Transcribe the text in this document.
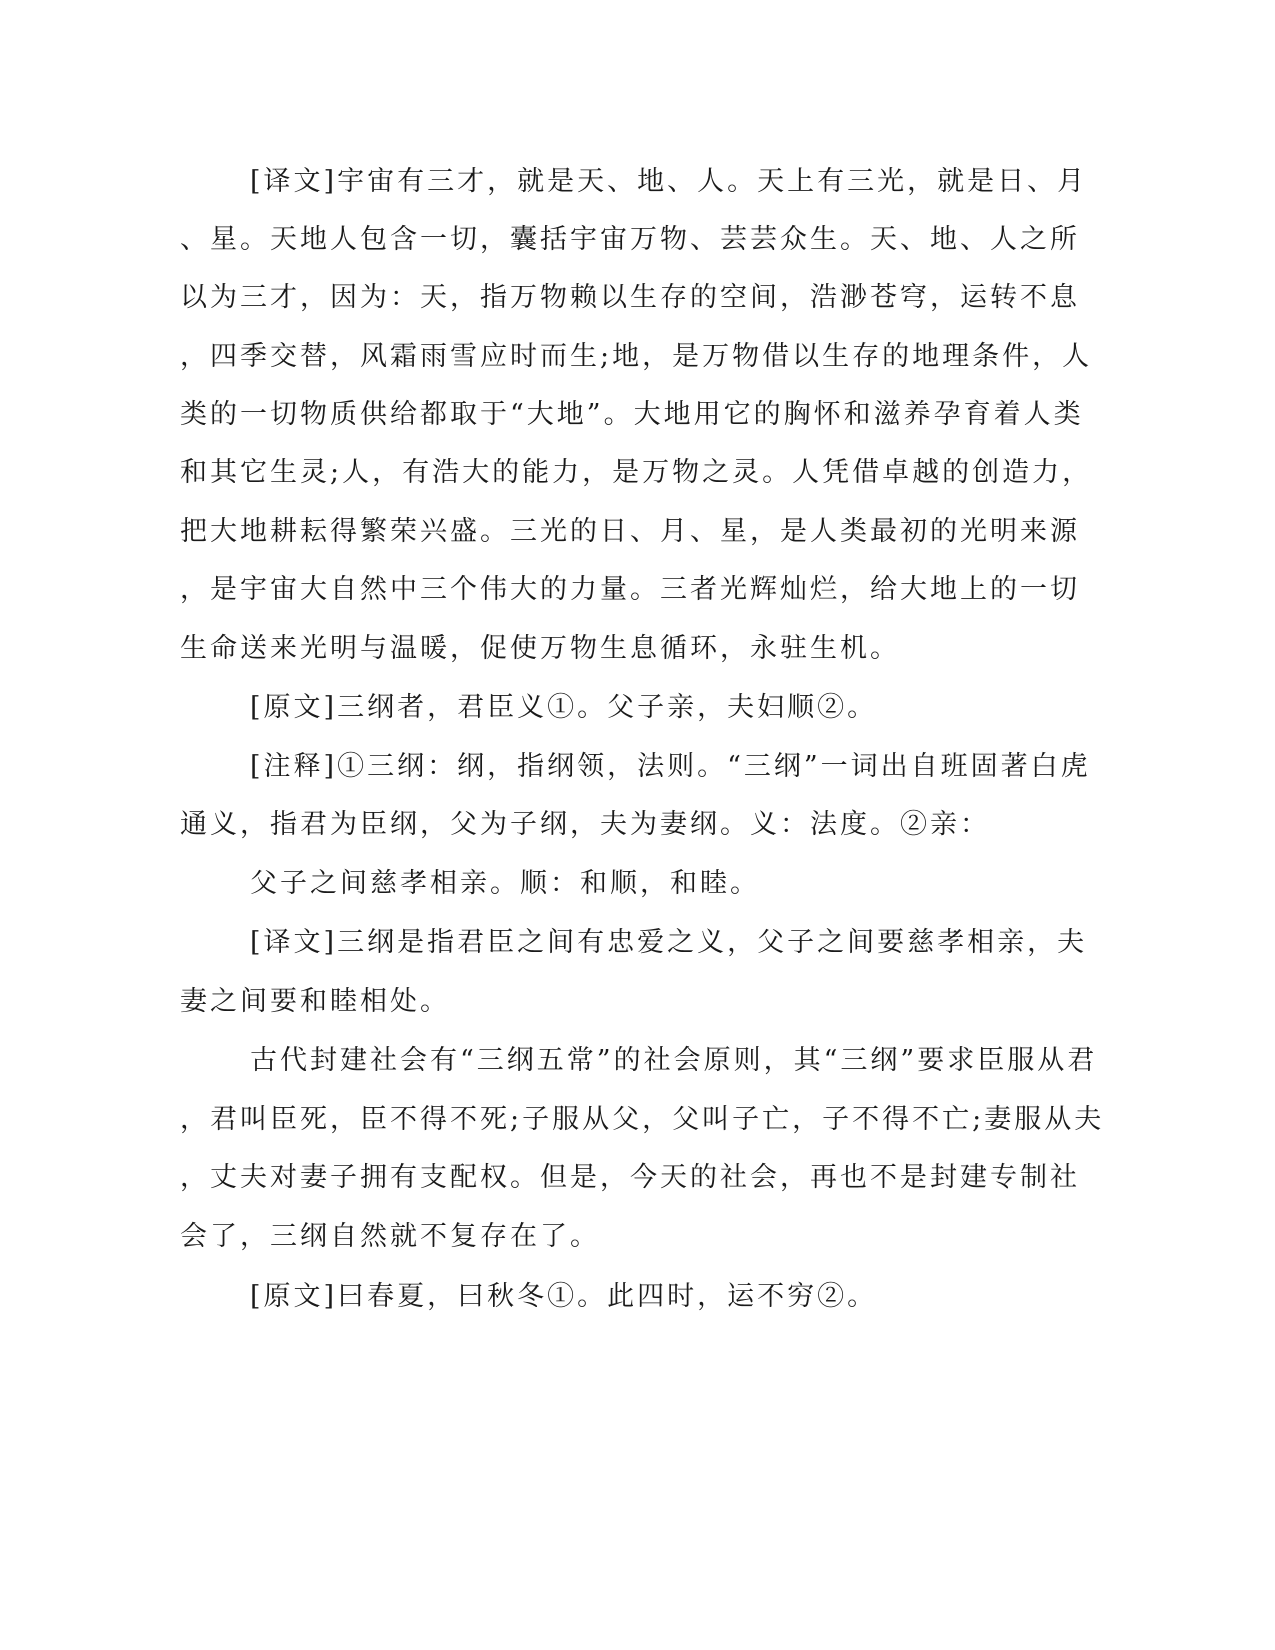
[译文]宇宙有三才，就是天、地、人。天上有三光，就是日、月
、星。天地人包含一切，囊括宇宙万物、芸芸众生。天、地、人之所
以为三才，因为：天，指万物赖以生存的空间，浩渺苍穹，运转不息
，四季交替，风霜雨雪应时而生;地，是万物借以生存的地理条件，人
类的一切物质供给都取于“大地”。大地用它的胸怀和滋养孕育着人类
和其它生灵;人，有浩大的能力，是万物之灵。人凭借卓越的创造力，
把大地耕耘得繁荣兴盛。三光的日、月、星，是人类最初的光明来源
，是宇宙大自然中三个伟大的力量。三者光辉灿烂，给大地上的一切
生命送来光明与温暖，促使万物生息循环，永驻生机。
[原文]三纲者，君臣义①。父子亲，夫妇顺②。
[注释]①三纲：纲，指纲领，法则。“三纲”一词出自班固著白虎
通义，指君为臣纲，父为子纲，夫为妻纲。义：法度。②亲：
父子之间慈孝相亲。顺：和顺，和睦。
[译文]三纲是指君臣之间有忠爱之义，父子之间要慈孝相亲，夫
妻之间要和睦相处。
古代封建社会有“三纲五常”的社会原则，其“三纲”要求臣服从君
，君叫臣死，臣不得不死;子服从父，父叫子亡，子不得不亡;妻服从夫
，丈夫对妻子拥有支配权。但是，今天的社会，再也不是封建专制社
会了，三纲自然就不复存在了。
[原文]曰春夏，曰秋冬①。此四时，运不穷②。
